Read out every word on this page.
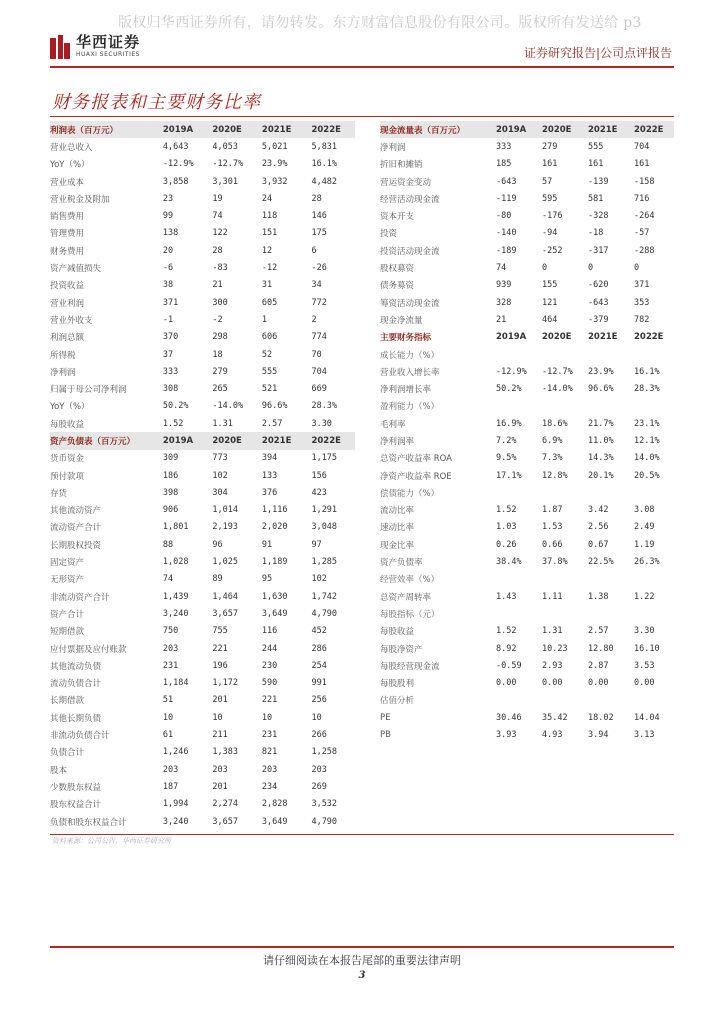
版权归华西证券所有，请勿转发。东方财富信息股份有限公司。版权所有发送给 p3
华西证券
HUAXI SECURITIES	证券研究报告|公司点评报告
财务报表和主要财务比率
利润表（百万元）	2019A	2020E	2021E	2022E
营业总收入	4,643	4,053	5,021	5,831
YoY（%）	-12.9%	-12.7%	23.9%	16.1%
营业成本	3,858	3,301	3,932	4,482
营业税金及附加	23	19	24	28
销售费用	99	74	118	146
管理费用	138	122	151	175
财务费用	20	28	12	6
资产减值损失	-6	-83	-12	-26
投资收益	38	21	31	34
营业利润	371	300	605	772
营业外收支	-1	-2	1	2
利润总额	370	298	606	774
所得税	37	18	52	70
净利润	333	279	555	704
归属于母公司净利润	308	265	521	669
YoY（%）	50.2%	-14.0%	96.6%	28.3%
每股收益	1.52	1.31	2.57	3.30
资产负债表（百万元）	2019A	2020E	2021E	2022E
货币资金	309	773	394	1,175
预付款项	186	102	133	156
存货	398	304	376	423
其他流动资产	906	1,014	1,116	1,291
流动资产合计	1,801	2,193	2,020	3,048
长期股权投资	88	96	91	97
固定资产	1,028	1,025	1,189	1,285
无形资产	74	89	95	102
非流动资产合计	1,439	1,464	1,630	1,742
资产合计	3,240	3,657	3,649	4,790
短期借款	750	755	116	452
应付票据及应付账款	203	221	244	286
其他流动负债	231	196	230	254
流动负债合计	1,184	1,172	590	991
长期借款	51	201	221	256
其他长期负债	10	10	10	10
非流动负债合计	61	211	231	266
负债合计	1,246	1,383	821	1,258
股本	203	203	203	203
少数股东权益	187	201	234	269
股东权益合计	1,994	2,274	2,828	3,532
负债和股东权益合计	3,240	3,657	3,649	4,790
现金流量表（百万元）	2019A	2020E	2021E	2022E
净利润	333	279	555	704
折旧和摊销	185	161	161	161
营运资金变动	-643	57	-139	-158
经营活动现金流	-119	595	581	716
资本开支	-80	-176	-328	-264
投资	-140	-94	-18	-57
投资活动现金流	-189	-252	-317	-288
股权募资	74	0	0	0
债务募资	939	155	-620	371
筹资活动现金流	328	121	-643	353
现金净流量	21	464	-379	782
主要财务指标	2019A	2020E	2021E	2022E
成长能力（%）
营业收入增长率	-12.9%	-12.7%	23.9%	16.1%
净利润增长率	50.2%	-14.0%	96.6%	28.3%
盈利能力（%）
毛利率	16.9%	18.6%	21.7%	23.1%
净利润率	7.2%	6.9%	11.0%	12.1%
总资产收益率 ROA	9.5%	7.3%	14.3%	14.0%
净资产收益率 ROE	17.1%	12.8%	20.1%	20.5%
偿债能力（%）
流动比率	1.52	1.87	3.42	3.08
速动比率	1.03	1.53	2.56	2.49
现金比率	0.26	0.66	0.67	1.19
资产负债率	38.4%	37.8%	22.5%	26.3%
经营效率（%）
总资产周转率	1.43	1.11	1.38	1.22
每股指标（元）
每股收益	1.52	1.31	2.57	3.30
每股净资产	8.92	10.23	12.80	16.10
每股经营现金流	-0.59	2.93	2.87	3.53
每股股利	0.00	0.00	0.00	0.00
估值分析
PE	30.46	35.42	18.02	14.04
PB	3.93	4.93	3.94	3.13
资料来源：公司公告，华西证券研究所
请仔细阅读在本报告尾部的重要法律声明
3
